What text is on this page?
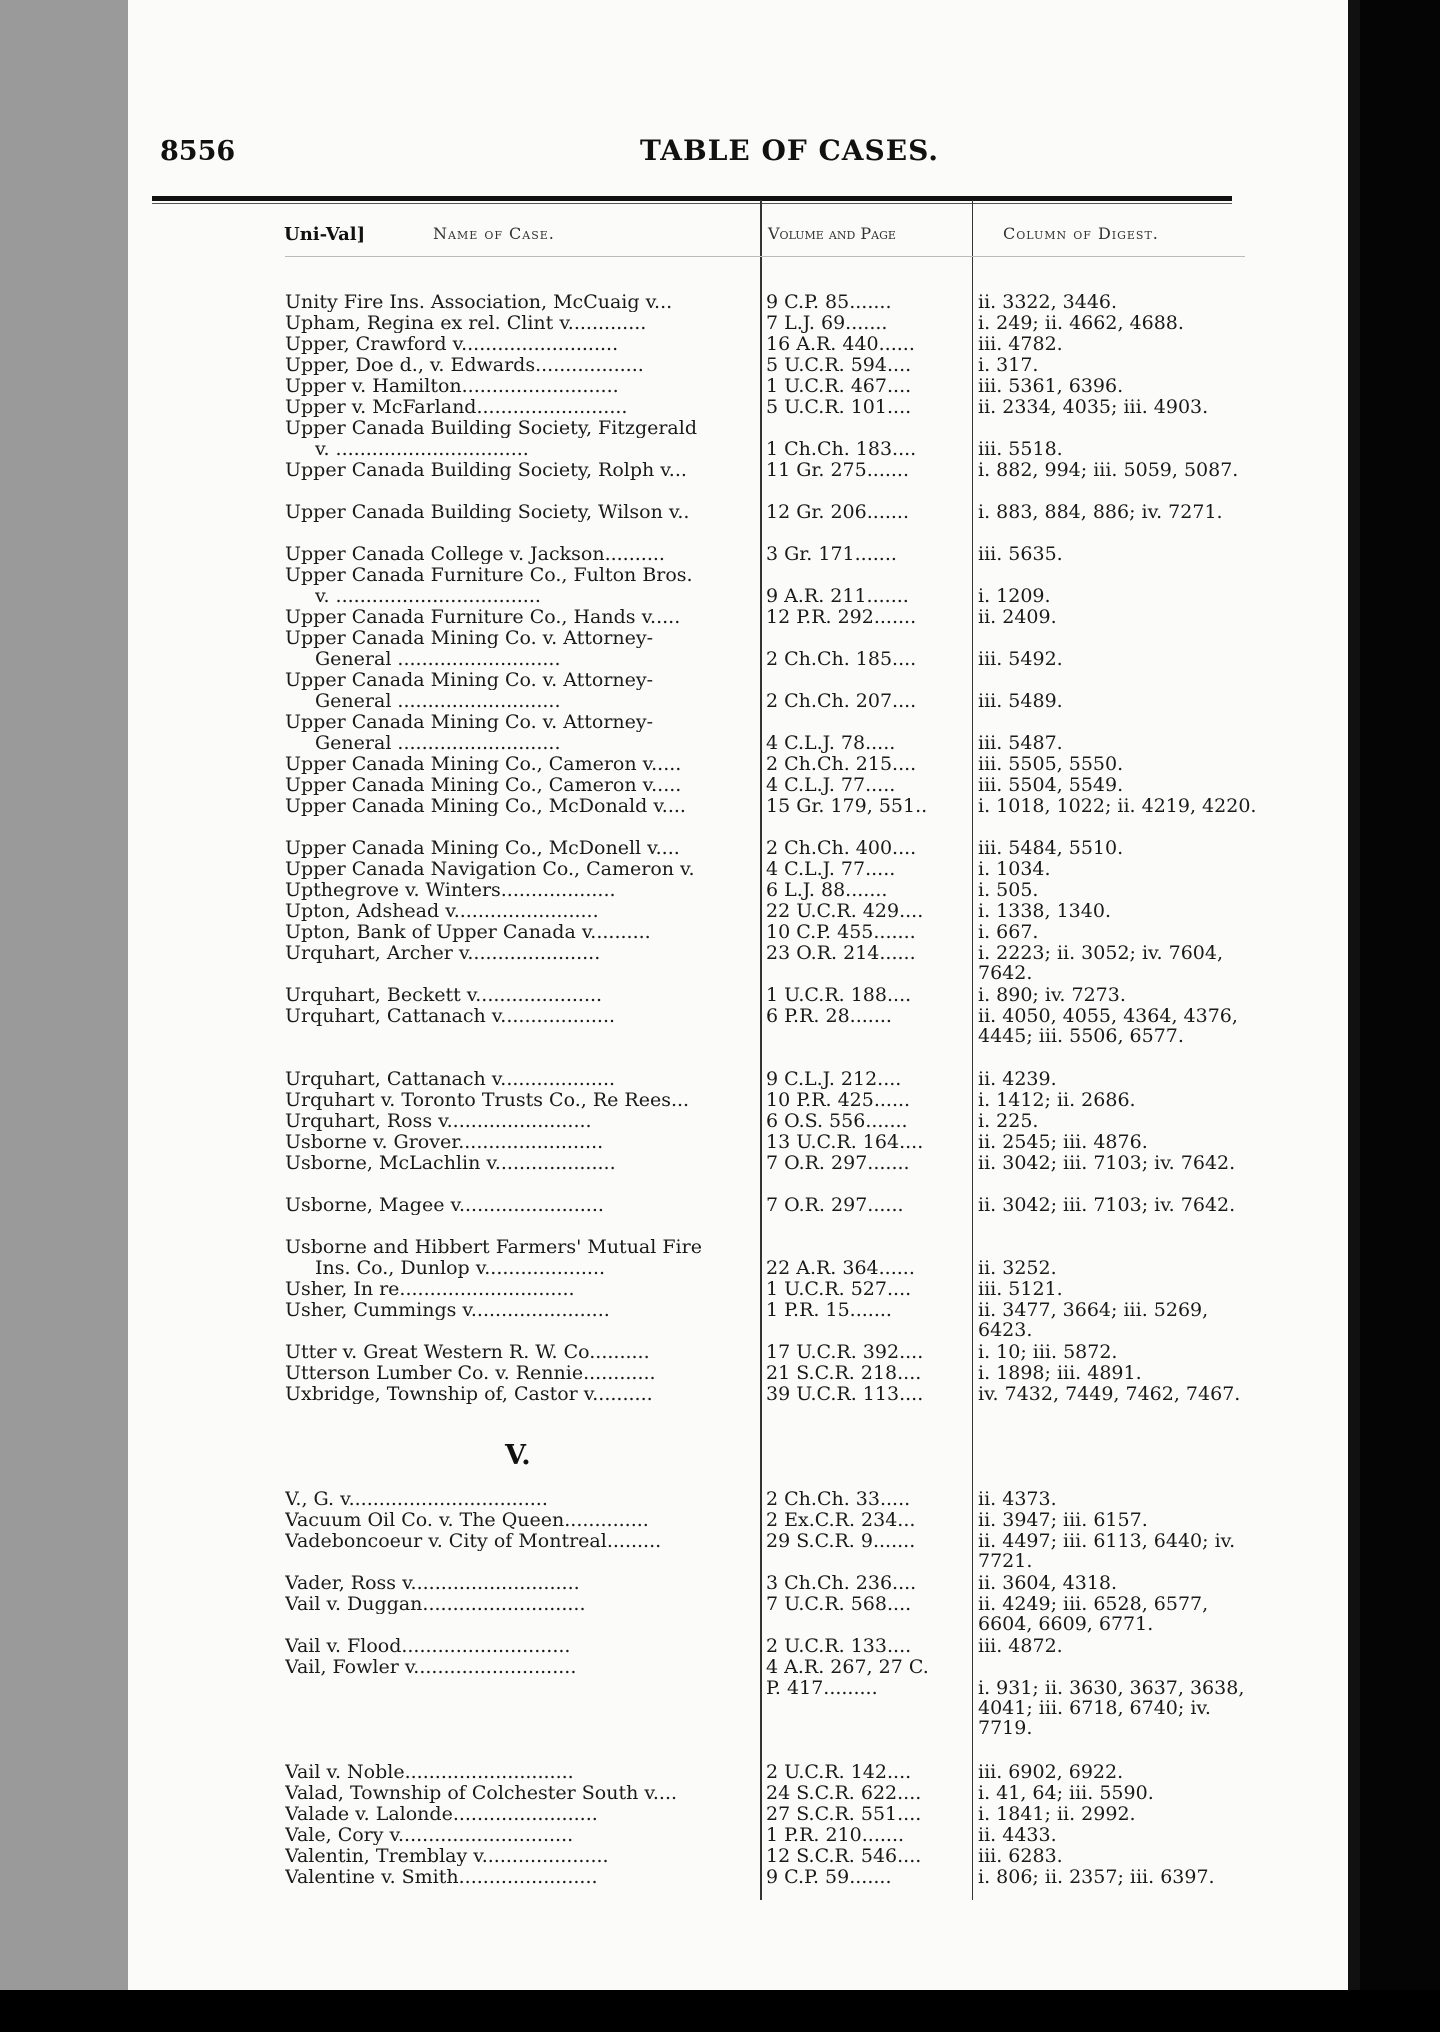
8556	TABLE OF CASES.
Uni-Val]	Name of Case.	Volume and Page	Column of Digest.
V.
Unity Fire Ins. Association, McCuaig v...	9 C.P. 85.......	ii. 3322, 3446.
Upham, Regina ex rel. Clint v.............	7 L.J. 69.......	i. 249; ii. 4662, 4688.
Upper, Crawford v..........................	16 A.R. 440......	iii. 4782.
Upper, Doe d., v. Edwards..................	5 U.C.R. 594....	i. 317.
Upper v. Hamilton..........................	1 U.C.R. 467....	iii. 5361, 6396.
Upper v. McFarland.........................	5 U.C.R. 101....	ii. 2334, 4035; iii. 4903.
Upper Canada Building Society, Fitzgerald
v. ................................	1 Ch.Ch. 183....	iii. 5518.
Upper Canada Building Society, Rolph v...	11 Gr. 275.......	i. 882, 994; iii. 5059, 5087.
Upper Canada Building Society, Wilson v..	12 Gr. 206.......	i. 883, 884, 886; iv. 7271.
Upper Canada College v. Jackson..........	3 Gr. 171.......	iii. 5635.
Upper Canada Furniture Co., Fulton Bros.
v. ..................................	9 A.R. 211.......	i. 1209.
Upper Canada Furniture Co., Hands v.....	12 P.R. 292.......	ii. 2409.
Upper Canada Mining Co. v. Attorney-
General ...........................	2 Ch.Ch. 185....	iii. 5492.
Upper Canada Mining Co. v. Attorney-
General ...........................	2 Ch.Ch. 207....	iii. 5489.
Upper Canada Mining Co. v. Attorney-
General ...........................	4 C.L.J. 78.....	iii. 5487.
Upper Canada Mining Co., Cameron v.....	2 Ch.Ch. 215....	iii. 5505, 5550.
Upper Canada Mining Co., Cameron v.....	4 C.L.J. 77.....	iii. 5504, 5549.
Upper Canada Mining Co., McDonald v....	15 Gr. 179, 551..	i. 1018, 1022; ii. 4219, 4220.
Upper Canada Mining Co., McDonell v....	2 Ch.Ch. 400....	iii. 5484, 5510.
Upper Canada Navigation Co., Cameron v.	4 C.L.J. 77.....	i. 1034.
Upthegrove v. Winters...................	6 L.J. 88.......	i. 505.
Upton, Adshead v........................	22 U.C.R. 429....	i. 1338, 1340.
Upton, Bank of Upper Canada v..........	10 C.P. 455.......	i. 667.
Urquhart, Archer v......................	23 O.R. 214......	i. 2223; ii. 3052; iv. 7604, 7642.
Urquhart, Beckett v.....................	1 U.C.R. 188....	i. 890; iv. 7273.
Urquhart, Cattanach v...................	6 P.R. 28.......	ii. 4050, 4055, 4364, 4376, 4445; iii. 5506, 6577.
Urquhart, Cattanach v...................	9 C.L.J. 212....	ii. 4239.
Urquhart v. Toronto Trusts Co., Re Rees...	10 P.R. 425......	i. 1412; ii. 2686.
Urquhart, Ross v........................	6 O.S. 556.......	i. 225.
Usborne v. Grover........................	13 U.C.R. 164....	ii. 2545; iii. 4876.
Usborne, McLachlin v....................	7 O.R. 297.......	ii. 3042; iii. 7103; iv. 7642.
Usborne, Magee v........................	7 O.R. 297......	ii. 3042; iii. 7103; iv. 7642.
Usborne and Hibbert Farmers' Mutual Fire
Ins. Co., Dunlop v....................	22 A.R. 364......	ii. 3252.
Usher, In re.............................	1 U.C.R. 527....	iii. 5121.
Usher, Cummings v.......................	1 P.R. 15.......	ii. 3477, 3664; iii. 5269, 6423.
Utter v. Great Western R. W. Co..........	17 U.C.R. 392....	i. 10; iii. 5872.
Utterson Lumber Co. v. Rennie............	21 S.C.R. 218....	i. 1898; iii. 4891.
Uxbridge, Township of, Castor v..........	39 U.C.R. 113....	iv. 7432, 7449, 7462, 7467.
V., G. v.................................	2 Ch.Ch. 33.....	ii. 4373.
Vacuum Oil Co. v. The Queen..............	2 Ex.C.R. 234...	ii. 3947; iii. 6157.
Vadeboncoeur v. City of Montreal.........	29 S.C.R. 9.......	ii. 4497; iii. 6113, 6440; iv. 7721.
Vader, Ross v............................	3 Ch.Ch. 236....	ii. 3604, 4318.
Vail v. Duggan...........................	7 U.C.R. 568....	ii. 4249; iii. 6528, 6577, 6604, 6609, 6771.
Vail v. Flood............................	2 U.C.R. 133....	iii. 4872.
Vail, Fowler v...........................	4 A.R. 267, 27 C.
P. 417.........	i. 931; ii. 3630, 3637, 3638, 4041; iii. 6718, 6740; iv. 7719.
Vail v. Noble............................	2 U.C.R. 142....	iii. 6902, 6922.
Valad, Township of Colchester South v....	24 S.C.R. 622....	i. 41, 64; iii. 5590.
Valade v. Lalonde........................	27 S.C.R. 551....	i. 1841; ii. 2992.
Vale, Cory v.............................	1 P.R. 210.......	ii. 4433.
Valentin, Tremblay v.....................	12 S.C.R. 546....	iii. 6283.
Valentine v. Smith.......................	9 C.P. 59.......	i. 806; ii. 2357; iii. 6397.
